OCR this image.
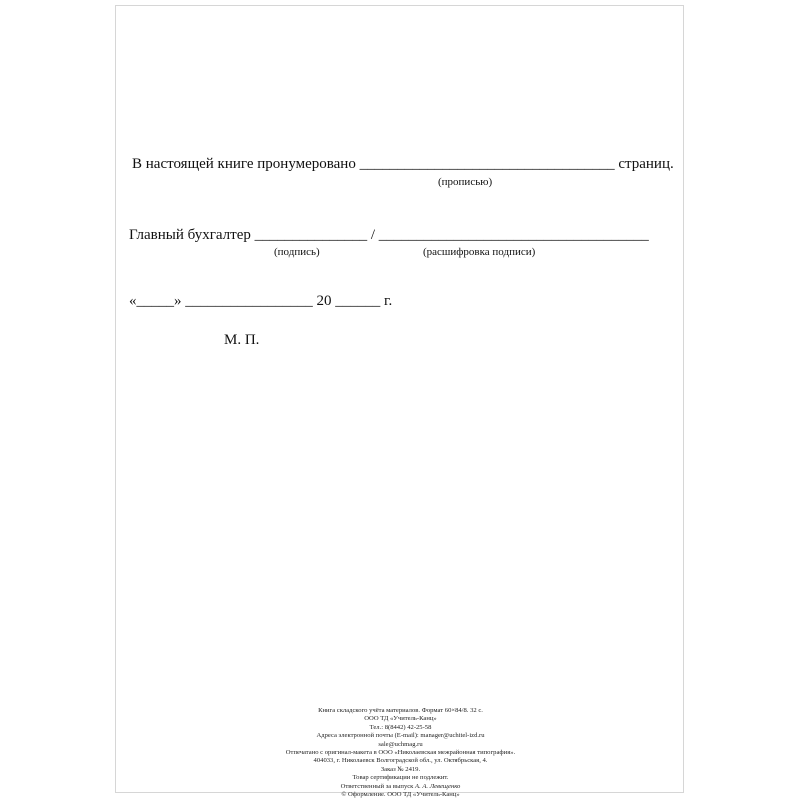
В настоящей книге пронумеровано __________________________________ страниц.
(прописью)
Главный бухгалтер _______________ / ____________________________________
(подпись)	(расшифровка подписи)
«_____» _________________ 20 ______ г.
М. П.
Книга складского учёта материалов. Формат 60×84/8. 32 с.
ООО ТД «Учитель-Канц»
Тел.: 8(8442) 42-25-58
Адреса электронной почты (E-mail): manager@uchitel-izd.ru
sale@uchmag.ru
Отпечатано с оригинал-макета в ООО «Николаевская межрайонная типография».
404033, г. Николаевск Волгоградской обл., ул. Октябрьская, 4.
Заказ № 2419.
Товар сертификации не подлежит.
Ответственный за выпуск А. А. Левещенко
© Оформление. ООО ТД «Учитель-Канц»
